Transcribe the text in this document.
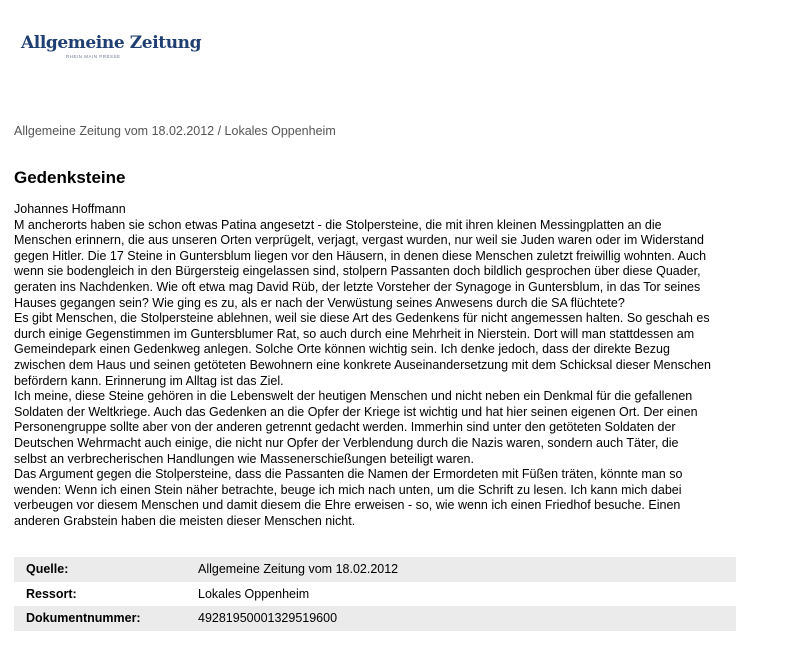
Allgemeine Zeitung
RHEIN MAIN PRESSE
Allgemeine Zeitung vom 18.02.2012 / Lokales Oppenheim
Gedenksteine

Johannes Hoffmann

M ancherorts haben sie schon etwas Patina angesetzt - die Stolpersteine, die mit ihren kleinen Messingplatten an die

Menschen erinnern, die aus unseren Orten verprügelt, verjagt, vergast wurden, nur weil sie Juden waren oder im Widerstand

gegen Hitler. Die 17 Steine in Guntersblum liegen vor den Häusern, in denen diese Menschen zuletzt freiwillig wohnten. Auch

wenn sie bodengleich in den Bürgersteig eingelassen sind, stolpern Passanten doch bildlich gesprochen über diese Quader,

geraten ins Nachdenken. Wie oft etwa mag David Rüb, der letzte Vorsteher der Synagoge in Guntersblum, in das Tor seines

Hauses gegangen sein? Wie ging es zu, als er nach der Verwüstung seines Anwesens durch die SA flüchtete?

Es gibt Menschen, die Stolpersteine ablehnen, weil sie diese Art des Gedenkens für nicht angemessen halten. So geschah es

durch einige Gegenstimmen im Guntersblumer Rat, so auch durch eine Mehrheit in Nierstein. Dort will man stattdessen am

Gemeindepark einen Gedenkweg anlegen. Solche Orte können wichtig sein. Ich denke jedoch, dass der direkte Bezug

zwischen dem Haus und seinen getöteten Bewohnern eine konkrete Auseinandersetzung mit dem Schicksal dieser Menschen

befördern kann. Erinnerung im Alltag ist das Ziel.

Ich meine, diese Steine gehören in die Lebenswelt der heutigen Menschen und nicht neben ein Denkmal für die gefallenen

Soldaten der Weltkriege. Auch das Gedenken an die Opfer der Kriege ist wichtig und hat hier seinen eigenen Ort. Der einen

Personengruppe sollte aber von der anderen getrennt gedacht werden. Immerhin sind unter den getöteten Soldaten der

Deutschen Wehrmacht auch einige, die nicht nur Opfer der Verblendung durch die Nazis waren, sondern auch Täter, die

selbst an verbrecherischen Handlungen wie Massenerschießungen beteiligt waren.

Das Argument gegen die Stolpersteine, dass die Passanten die Namen der Ermordeten mit Füßen träten, könnte man so

wenden: Wenn ich einen Stein näher betrachte, beuge ich mich nach unten, um die Schrift zu lesen. Ich kann mich dabei

verbeugen vor diesem Menschen und damit diesem die Ehre erweisen - so, wie wenn ich einen Friedhof besuche. Einen

anderen Grabstein haben die meisten dieser Menschen nicht.

Quelle:	Allgemeine Zeitung vom 18.02.2012
Ressort:	Lokales Oppenheim
Dokumentnummer:	49281950001329519600
